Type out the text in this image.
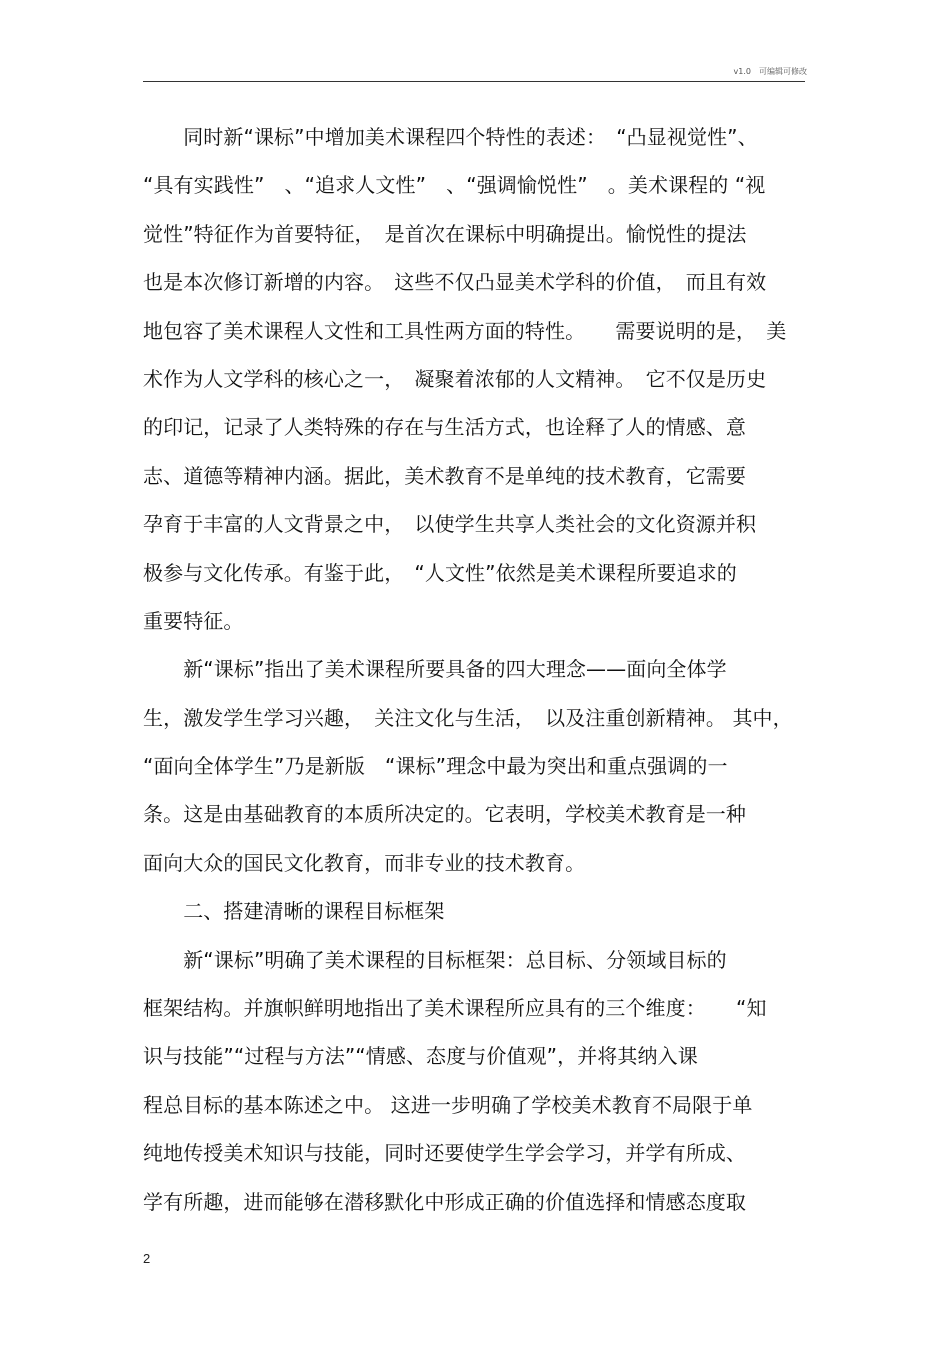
v1.0　可编辑可修改
　　同时新“课标”中增加美术课程四个特性的表述：　“凸显视觉性”、
“具有实践性”　、“追求人文性”　、“强调愉悦性”　。美术课程的 “视
觉性”特征作为首要特征，　是首次在课标中明确提出。愉悦性的提法
也是本次修订新增的内容。　这些不仅凸显美术学科的价值，　而且有效
地包容了美术课程人文性和工具性两方面的特性。　　需要说明的是，　美
术作为人文学科的核心之一，　凝聚着浓郁的人文精神。　它不仅是历史
的印记，记录了人类特殊的存在与生活方式，也诠释了人的情感、意
志、道德等精神内涵。据此，美术教育不是单纯的技术教育，它需要
孕育于丰富的人文背景之中，　以使学生共享人类社会的文化资源并积
极参与文化传承。有鉴于此，　“人文性”依然是美术课程所要追求的
重要特征。
　　新“课标”指出了美术课程所要具备的四大理念——面向全体学
生，激发学生学习兴趣，　关注文化与生活，　以及注重创新精神。 其中，
“面向全体学生”乃是新版　“课标”理念中最为突出和重点强调的一
条。这是由基础教育的本质所决定的。它表明，学校美术教育是一种
面向大众的国民文化教育，而非专业的技术教育。
　　二、搭建清晰的课程目标框架
　　新“课标”明确了美术课程的目标框架：总目标、分领域目标的
框架结构。并旗帜鲜明地指出了美术课程所应具有的三个维度：　　“知
识与技能”“过程与方法”“情感、态度与价值观”，并将其纳入课
程总目标的基本陈述之中。 这进一步明确了学校美术教育不局限于单
纯地传授美术知识与技能，同时还要使学生学会学习，并学有所成、
学有所趣，进而能够在潜移默化中形成正确的价值选择和情感态度取
2
